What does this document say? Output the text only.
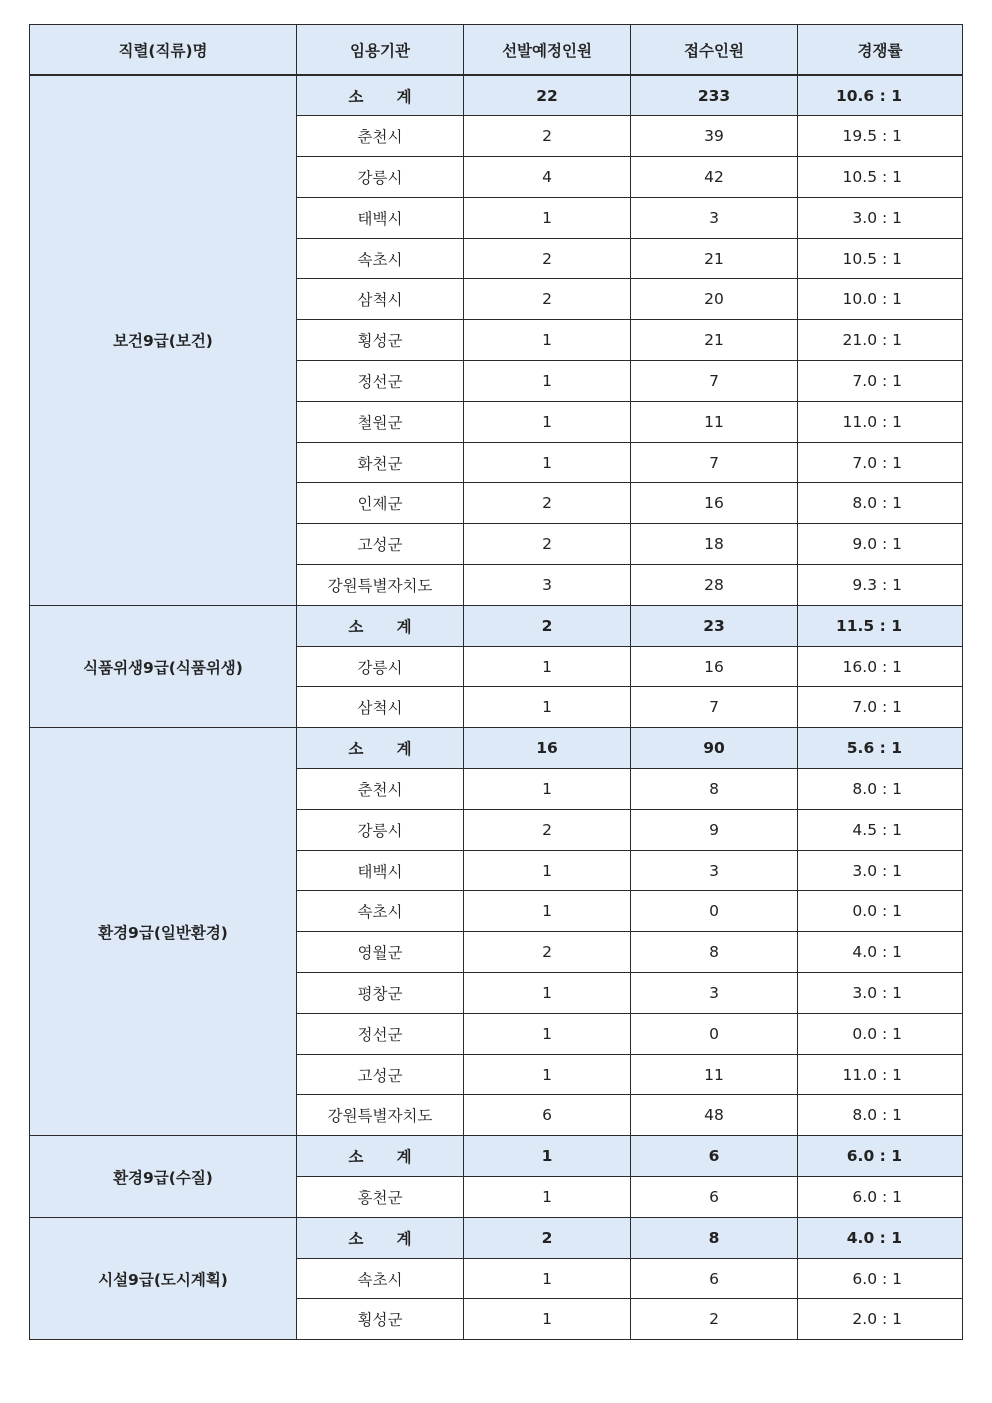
직렬(직류)명	임용기관	선발예정인원	접수인원	경쟁률
보건9급(보건)	소 계	22	233	10.6 : 1
	춘천시	2	39	19.5 : 1
	강릉시	4	42	10.5 : 1
	태백시	1	3	3.0 : 1
	속초시	2	21	10.5 : 1
	삼척시	2	20	10.0 : 1
	횡성군	1	21	21.0 : 1
	정선군	1	7	7.0 : 1
	철원군	1	11	11.0 : 1
	화천군	1	7	7.0 : 1
	인제군	2	16	8.0 : 1
	고성군	2	18	9.0 : 1
	강원특별자치도	3	28	9.3 : 1
식품위생9급(식품위생)	소 계	2	23	11.5 : 1
	강릉시	1	16	16.0 : 1
	삼척시	1	7	7.0 : 1
환경9급(일반환경)	소 계	16	90	5.6 : 1
	춘천시	1	8	8.0 : 1
	강릉시	2	9	4.5 : 1
	태백시	1	3	3.0 : 1
	속초시	1	0	0.0 : 1
	영월군	2	8	4.0 : 1
	평창군	1	3	3.0 : 1
	정선군	1	0	0.0 : 1
	고성군	1	11	11.0 : 1
	강원특별자치도	6	48	8.0 : 1
환경9급(수질)	소 계	1	6	6.0 : 1
	홍천군	1	6	6.0 : 1
시설9급(도시계획)	소 계	2	8	4.0 : 1
	속초시	1	6	6.0 : 1
	횡성군	1	2	2.0 : 1
